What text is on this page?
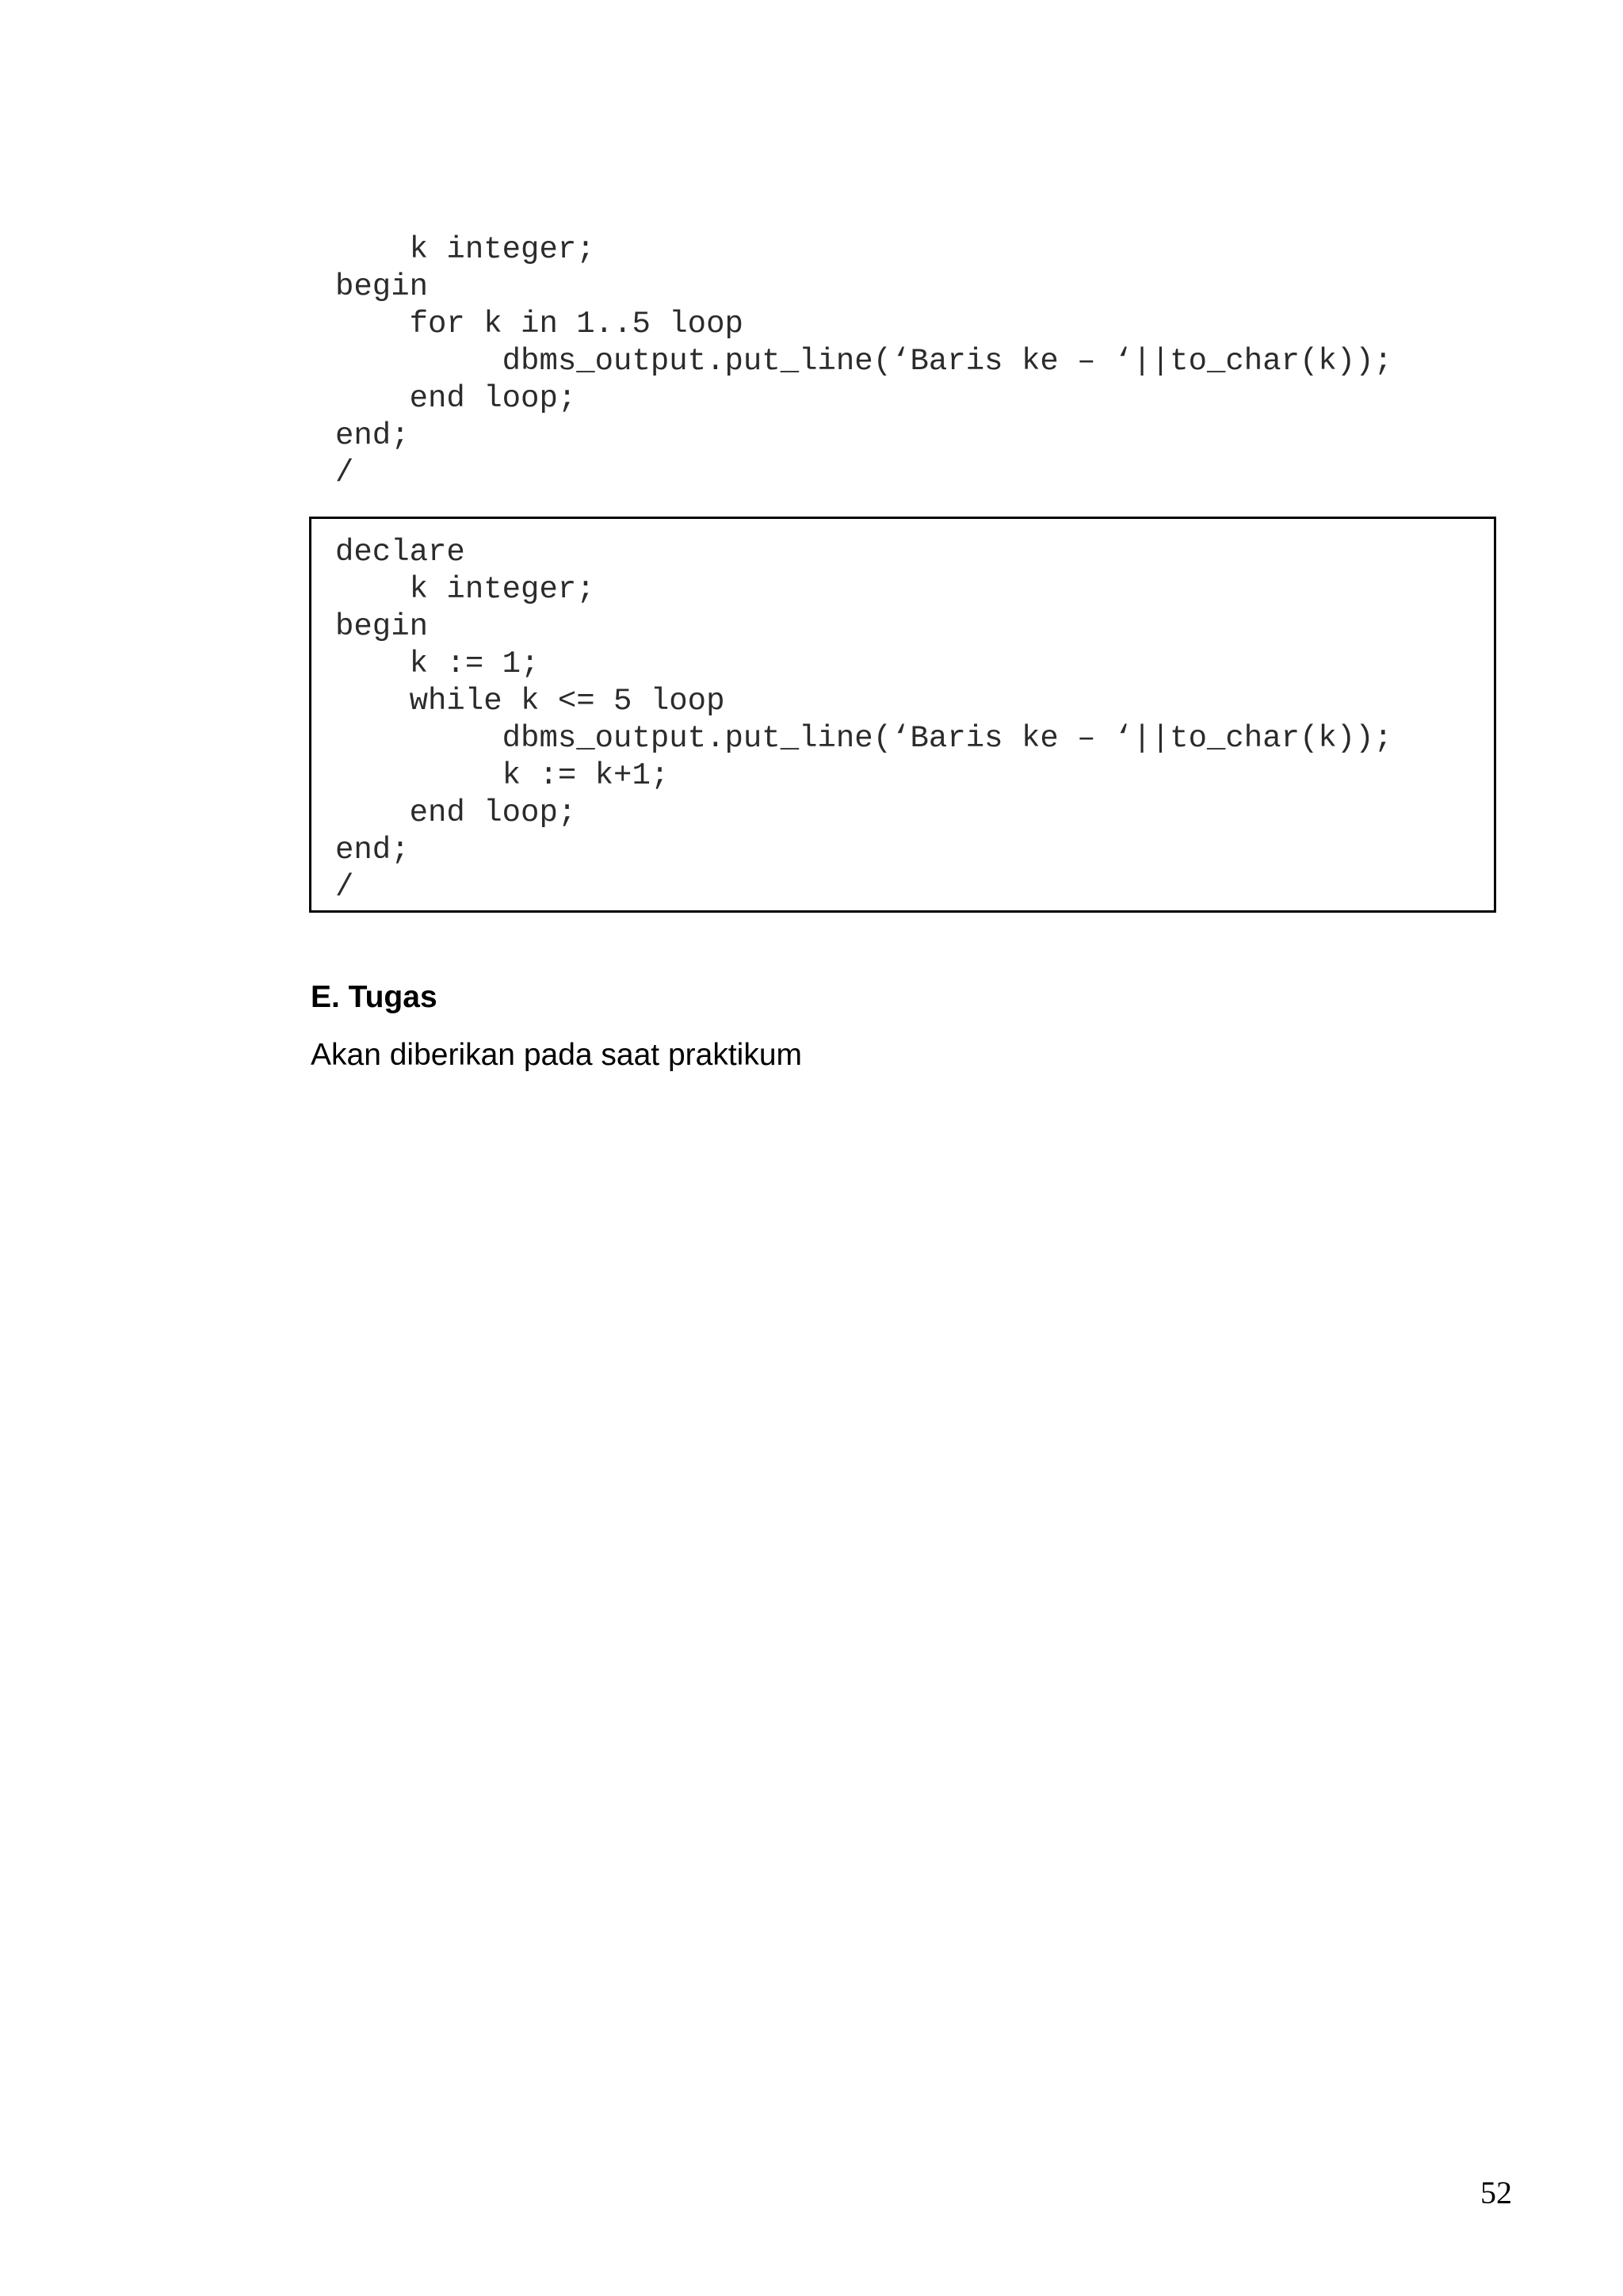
k integer;
begin
for k in 1..5 loop
dbms_output.put_line(‘Baris ke – ‘||to_char(k));
end loop;
end;
/
declare
k integer;
begin
k := 1;
while k <= 5 loop
dbms_output.put_line(‘Baris ke – ‘||to_char(k));
k := k+1;
end loop;
end;
/
E. Tugas
Akan diberikan pada saat praktikum
52
